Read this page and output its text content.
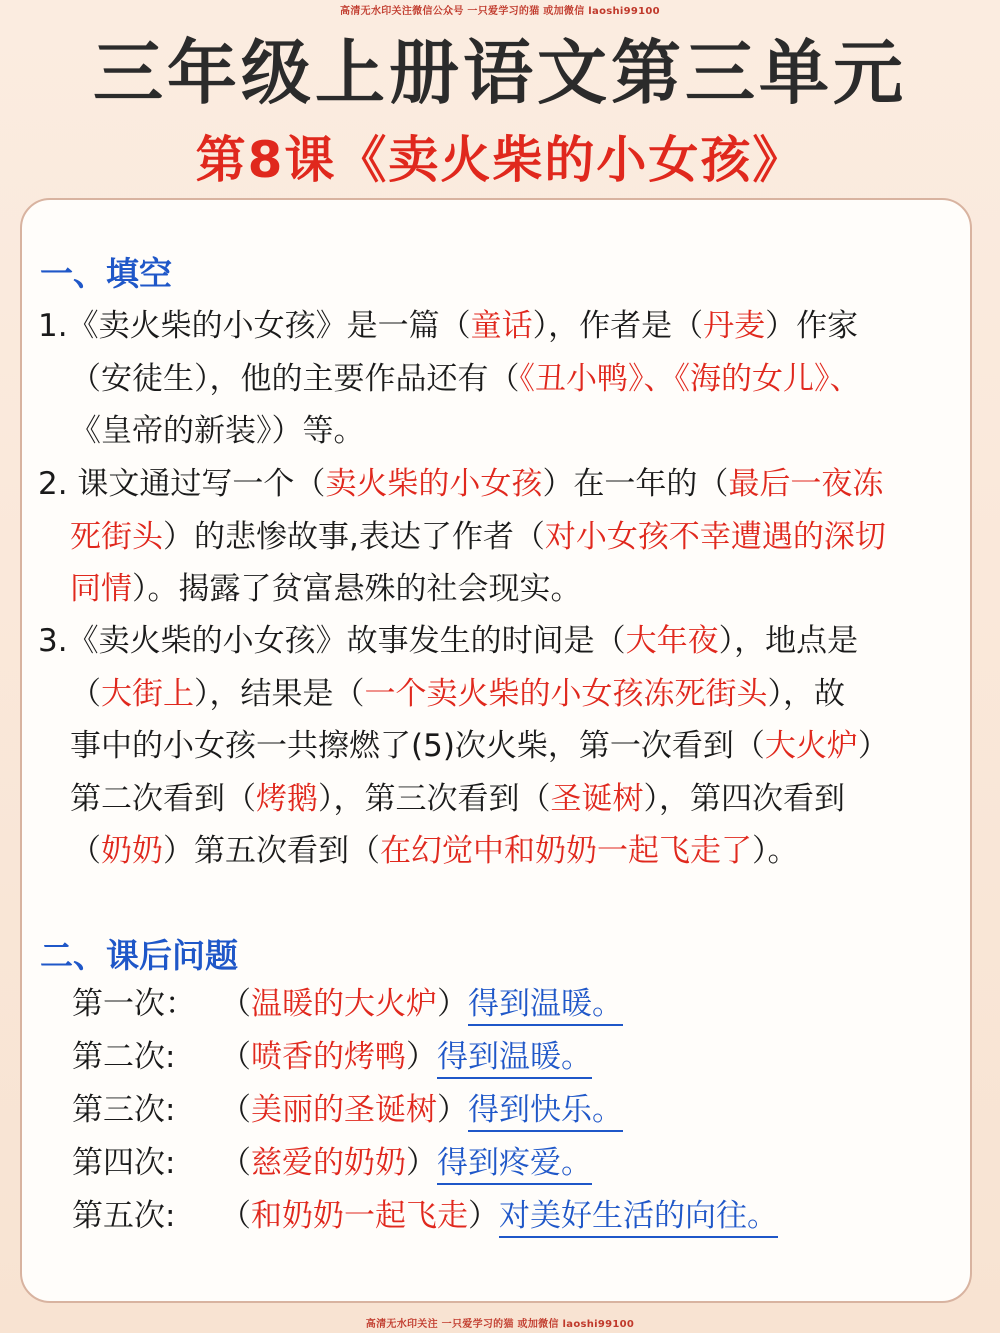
高清无水印关注微信公众号 一只爱学习的猫 或加微信 laoshi99100
三年级上册语文第三单元
第8课《卖火柴的小女孩》
一、填空
1.《卖火柴的小女孩》是一篇（童话），作者是（丹麦）作家
（安徒生），他的主要作品还有（《丑小鸭》、《海的女儿》、
《皇帝的新装》）等。
2. 课文通过写一个（卖火柴的小女孩）在一年的（最后一夜冻
死街头）的悲惨故事,表达了作者（对小女孩不幸遭遇的深切
同情）。揭露了贫富悬殊的社会现实。
3.《卖火柴的小女孩》故事发生的时间是（大年夜），地点是
（大街上），结果是（一个卖火柴的小女孩冻死街头），故
事中的小女孩一共擦燃了(5)次火柴，第一次看到（大火炉）
第二次看到（烤鹅），第三次看到（圣诞树），第四次看到
（奶奶）第五次看到（在幻觉中和奶奶一起飞走了）。
二、课后问题
第一次： （温暖的大火炉）得到温暖。
第二次: （喷香的烤鸭）得到温暖。
第三次: （美丽的圣诞树）得到快乐。
第四次: （慈爱的奶奶）得到疼爱。
第五次: （和奶奶一起飞走）对美好生活的向往。
高清无水印关注 一只爱学习的猫 或加微信 laoshi99100
